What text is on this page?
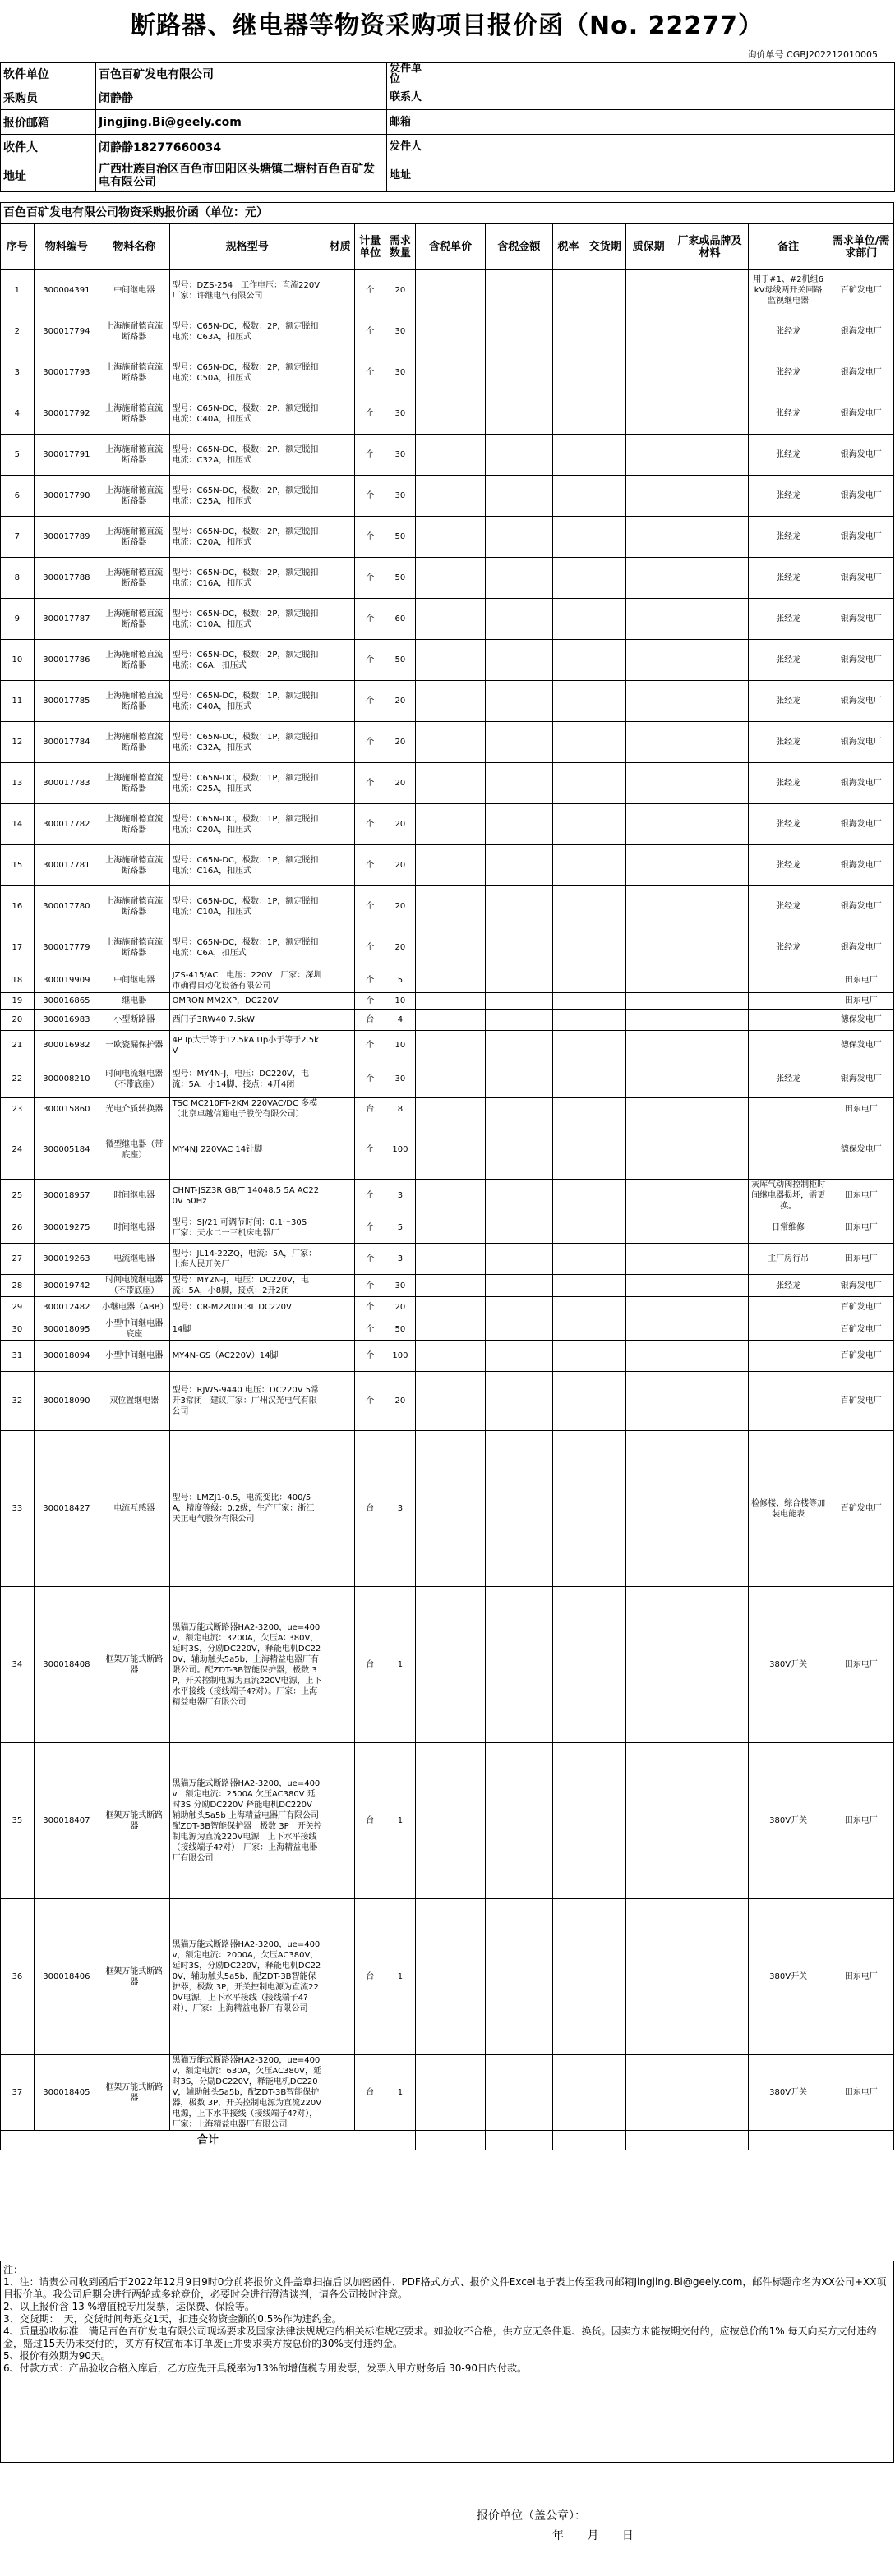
断路器、继电器等物资采购项目报价函（No. 22277）
询价单号 CGBJ202212010005
软件单位	百色百矿发电有限公司	发件单位	
采购员	闭静静	联系人	
报价邮箱	Jingjing.Bi@geely.com	邮箱	
收件人	闭静静18277660034	发件人	
地址	广西壮族自治区百色市田阳区头塘镇二塘村百色百矿发电有限公司	地址	
百色百矿发电有限公司物资采购报价函（单位：元）
序号	物料编号	物料名称	规格型号	材质	计量单位	需求数量	含税单价	含税金额	税率	交货期	质保期	厂家或品牌及材料	备注	需求单位/需求部门
1	300004391	中间继电器	型号：DZS-254　工作电压：直流220V　厂家：许继电气有限公司		个	20							用于#1、#2机组6kV母线两开关回路监视继电器	百矿发电厂
2	300017794	上海施耐德直流断路器	型号：C65N-DC，极数：2P，额定脱扣电流：C63A，扣压式		个	30							张经龙	银海发电厂
3	300017793	上海施耐德直流断路器	型号：C65N-DC，极数：2P，额定脱扣电流：C50A，扣压式		个	30							张经龙	银海发电厂
4	300017792	上海施耐德直流断路器	型号：C65N-DC，极数：2P，额定脱扣电流：C40A，扣压式		个	30							张经龙	银海发电厂
5	300017791	上海施耐德直流断路器	型号：C65N-DC，极数：2P，额定脱扣电流：C32A，扣压式		个	30							张经龙	银海发电厂
6	300017790	上海施耐德直流断路器	型号：C65N-DC，极数：2P，额定脱扣电流：C25A，扣压式		个	30							张经龙	银海发电厂
7	300017789	上海施耐德直流断路器	型号：C65N-DC，极数：2P，额定脱扣电流：C20A，扣压式		个	50							张经龙	银海发电厂
8	300017788	上海施耐德直流断路器	型号：C65N-DC，极数：2P，额定脱扣电流：C16A，扣压式		个	50							张经龙	银海发电厂
9	300017787	上海施耐德直流断路器	型号：C65N-DC，极数：2P，额定脱扣电流：C10A，扣压式		个	60							张经龙	银海发电厂
10	300017786	上海施耐德直流断路器	型号：C65N-DC，极数：2P，额定脱扣电流：C6A，扣压式		个	50							张经龙	银海发电厂
11	300017785	上海施耐德直流断路器	型号：C65N-DC，极数：1P，额定脱扣电流：C40A，扣压式		个	20							张经龙	银海发电厂
12	300017784	上海施耐德直流断路器	型号：C65N-DC，极数：1P，额定脱扣电流：C32A，扣压式		个	20							张经龙	银海发电厂
13	300017783	上海施耐德直流断路器	型号：C65N-DC，极数：1P，额定脱扣电流：C25A，扣压式		个	20							张经龙	银海发电厂
14	300017782	上海施耐德直流断路器	型号：C65N-DC，极数：1P，额定脱扣电流：C20A，扣压式		个	20							张经龙	银海发电厂
15	300017781	上海施耐德直流断路器	型号：C65N-DC，极数：1P，额定脱扣电流：C16A，扣压式		个	20							张经龙	银海发电厂
16	300017780	上海施耐德直流断路器	型号：C65N-DC，极数：1P，额定脱扣电流：C10A，扣压式		个	20							张经龙	银海发电厂
17	300017779	上海施耐德直流断路器	型号：C65N-DC，极数：1P，额定脱扣电流：C6A，扣压式		个	20							张经龙	银海发电厂
18	300019909	中间继电器	JZS-415/AC　电压：220V　厂家：深圳市确得自动化设备有限公司		个	5								田东电厂
19	300016865	继电器	OMRON MM2XP，DC220V		个	10								田东电厂
20	300016983	小型断路器	西门子3RW40 7.5kW		台	4								德保发电厂
21	300016982	一欧瓷漏保护器	4P Ip大于等于12.5kA Up小于等于2.5kV		个	10								德保发电厂
22	300008210	时间电流继电器（不带底座）	型号：MY4N-J，电压：DC220V，电流：5A，小14脚，接点：4开4闭		个	30							张经龙	银海发电厂
23	300015860	光电介质转换器	TSC MC210FT-2KM 220VAC/DC 多模（北京卓越信通电子股份有限公司）		台	8								田东电厂
24	300005184	微型继电器（带底座）	MY4NJ 220VAC 14针脚		个	100								德保发电厂
25	300018957	时间继电器	CHNT-JSZ3R GB/T 14048.5 5A AC220V 50Hz		个	3							灰库气动阀控制柜时间继电器损坏，需更换。	田东电厂
26	300019275	时间继电器	型号：SJ/21 可调节时间：0.1～30S　厂家：天水二一三机床电器厂		个	5							日常维修	田东电厂
27	300019263	电流继电器	型号：JL14-22ZQ，电流：5A，厂家：上海人民开关厂		个	3							主厂房行吊	田东电厂
28	300019742	时间电流继电器（不带底座）	型号：MY2N-J，电压：DC220V，电流：5A，小8脚，接点：2开2闭		个	30							张经龙	银海发电厂
29	300012482	小继电器（ABB）	型号：CR-M220DC3L DC220V		个	20								百矿发电厂
30	300018095	小型中间继电器底座	14脚		个	50								百矿发电厂
31	300018094	小型中间继电器	MY4N-GS（AC220V）14脚		个	100								百矿发电厂
32	300018090	双位置继电器	型号：RJWS-9440 电压：DC220V 5常开3常闭　建议厂家：广州汉光电气有限公司		个	20								百矿发电厂
33	300018427	电流互感器	型号：LMZJ1-0.5，电流变比：400/5A，精度等级：0.2级，生产厂家：浙江天正电气股份有限公司		台	3							检修楼、综合楼等加装电能表	百矿发电厂
34	300018408	框架万能式断路器	黑猫万能式断路器HA2-3200，ue=400v，额定电流：3200A，欠压AC380V，延时3S，分励DC220V，释能电机DC220V，辅助触头5a5b，上海精益电器厂有限公司。配ZDT-3B智能保护器，极数 3P，开关控制电源为直流220V电源，上下水平接线（接线端子4?对）。厂家：上海精益电器厂有限公司		台	1							380V开关	田东电厂
35	300018407	框架万能式断路器	黑猫万能式断路器HA2-3200，ue=400v　额定电流：2500A 欠压AC380V 延时3S 分励DC220V 释能电机DC220V 辅助触头5a5b 上海精益电器厂有限公司　配ZDT-3B智能保护器　极数 3P　开关控制电源为直流220V电源　上下水平接线（接线端子4?对）　厂家：上海精益电器厂有限公司		台	1							380V开关	田东电厂
36	300018406	框架万能式断路器	黑猫万能式断路器HA2-3200，ue=400v，额定电流：2000A，欠压AC380V，延时3S，分励DC220V，释能电机DC220V，辅助触头5a5b，配ZDT-3B智能保护器，极数 3P，开关控制电源为直流220V电源，上下水平接线（接线端子4?对），厂家：上海精益电器厂有限公司		台	1							380V开关	田东电厂
37	300018405	框架万能式断路器	黑猫万能式断路器HA2-3200，ue=400v，额定电流：630A，欠压AC380V，延时3S，分励DC220V，释能电机DC220V，辅助触头5a5b，配ZDT-3B智能保护器，极数 3P，开关控制电源为直流220V电源，上下水平接线（接线端子4?对），厂家：上海精益电器厂有限公司		台	1							380V开关	田东电厂
合计														
注：
1、注：请贵公司收到函后于2022年12月9日9时0分前将报价文件盖章扫描后以加密函件、PDF格式方式、报价文件Excel电子表上传至我司邮箱Jingjing.Bi@geely.com，邮件标题命名为XX公司+XX项目报价单。我公司后期会进行两轮或多轮竞价，必要时会进行澄清谈判，请各公司按时注意。
2、以上报价含 13 %增值税专用发票，运保费、保险等。
3、交货期：　天，交货时间每迟交1天，扣违交物资金额的0.5%作为违约金。
4、质量验收标准：满足百色百矿发电有限公司现场要求及国家法律法规规定的相关标准规定要求。如验收不合格，供方应无条件退、换货。因卖方未能按期交付的，应按总价的1% 每天向买方支付违约金，赔过15天仍未交付的，买方有权宣布本订单废止并要求卖方按总价的30%支付违约金。
5、报价有效期为90天。
6、付款方式：产品验收合格入库后，乙方应先开具税率为13%的增值税专用发票，发票入甲方财务后 30-90日内付款。
报价单位（盖公章）：
年 月 日
